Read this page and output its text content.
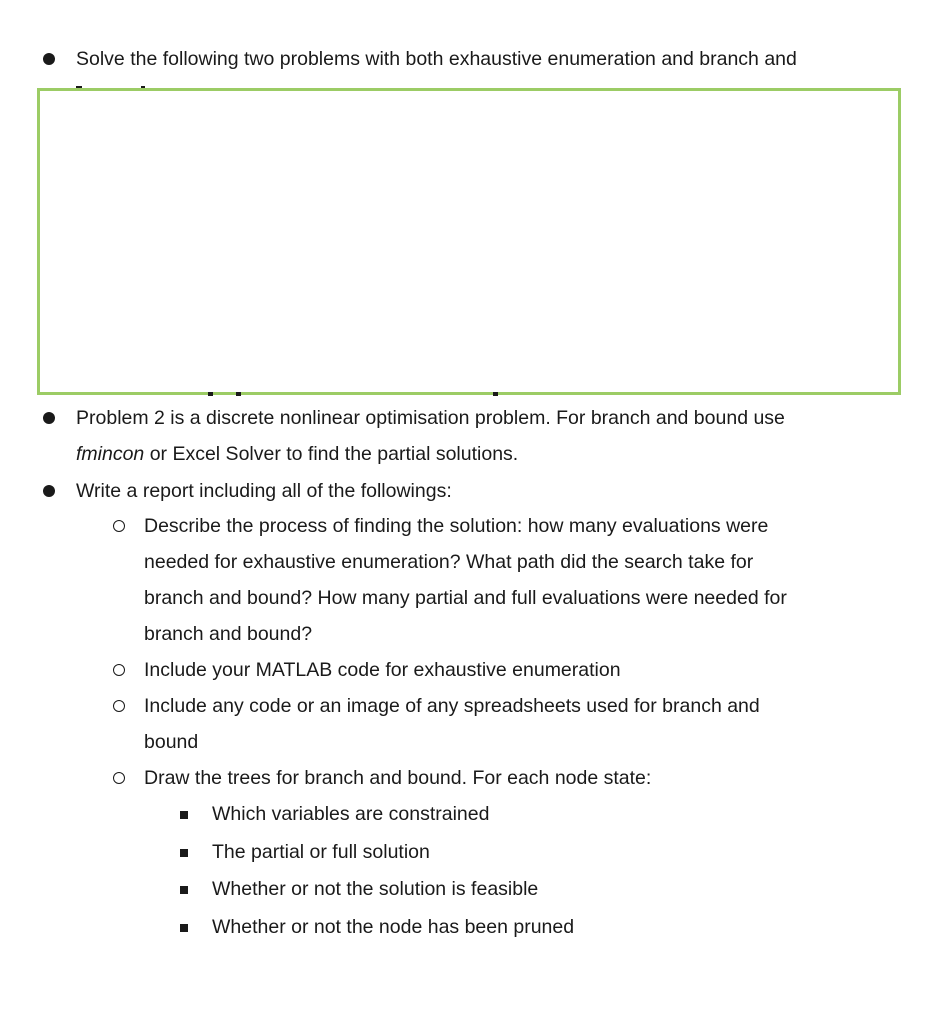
Solve the following two problems with both exhaustive enumeration and branch and
Problem 2 is a discrete nonlinear optimisation problem. For branch and bound use
fmincon or Excel Solver to find the partial solutions.
Write a report including all of the followings:
Describe the process of finding the solution: how many evaluations were
needed for exhaustive enumeration? What path did the search take for
branch and bound? How many partial and full evaluations were needed for
branch and bound?
Include your MATLAB code for exhaustive enumeration
Include any code or an image of any spreadsheets used for branch and
bound
Draw the trees for branch and bound. For each node state:
Which variables are constrained
The partial or full solution
Whether or not the solution is feasible
Whether or not the node has been pruned
